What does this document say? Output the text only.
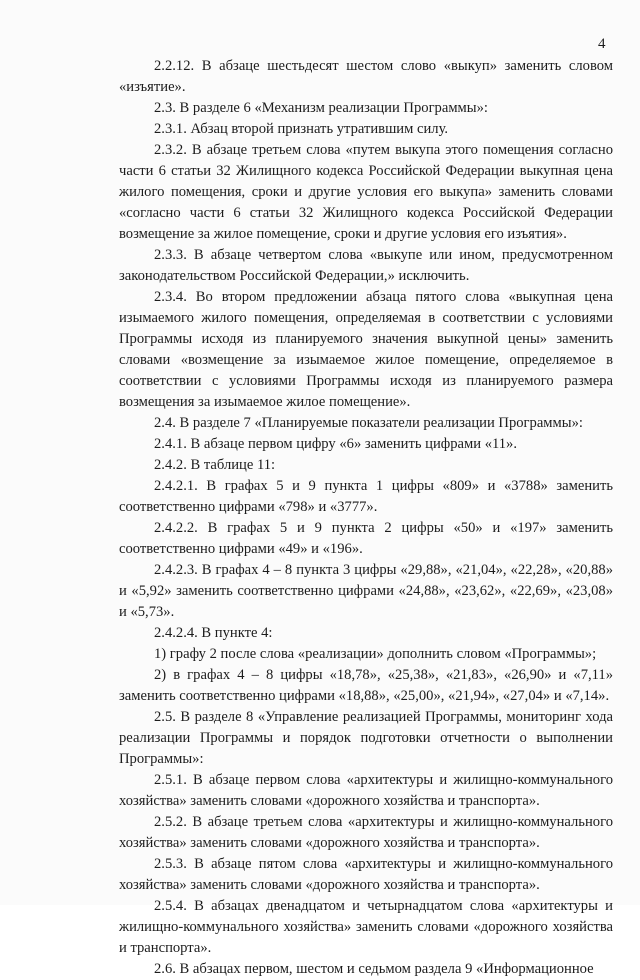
4

2.2.12. В абзаце шестьдесят шестом слово «выкуп» заменить словом «изъятие».

2.3. В разделе 6 «Механизм реализации Программы»:

2.3.1. Абзац второй признать утратившим силу.

2.3.2. В абзаце третьем слова «путем выкупа этого помещения согласно части 6 статьи 32 Жилищного кодекса Российской Федерации выкупная цена жилого помещения, сроки и другие условия его выкупа» заменить словами «согласно части 6 статьи 32 Жилищного кодекса Российской Федерации возмещение за жилое помещение, сроки и другие условия его изъятия».

2.3.3. В абзаце четвертом слова «выкупе или ином, предусмотренном законодательством Российской Федерации,» исключить.

2.3.4. Во втором предложении абзаца пятого слова «выкупная цена изымаемого жилого помещения, определяемая в соответствии с условиями Программы исходя из планируемого значения выкупной цены» заменить словами «возмещение за изымаемое жилое помещение, определяемое в соответствии с условиями Программы исходя из планируемого размера возмещения за изымаемое жилое помещение».

2.4. В разделе 7 «Планируемые показатели реализации Программы»:

2.4.1. В абзаце первом цифру «6» заменить цифрами «11».

2.4.2. В таблице 11:

2.4.2.1. В графах 5 и 9 пункта 1 цифры «809» и «3788» заменить соответственно цифрами «798» и «3777».

2.4.2.2. В графах 5 и 9 пункта 2 цифры «50» и «197» заменить соответственно цифрами «49» и «196».

2.4.2.3. В графах 4 – 8 пункта 3 цифры «29,88», «21,04», «22,28», «20,88» и «5,92» заменить соответственно цифрами «24,88», «23,62», «22,69», «23,08» и «5,73».

2.4.2.4. В пункте 4:

1) графу 2 после слова «реализации» дополнить словом «Программы»;

2) в графах 4 – 8 цифры «18,78», «25,38», «21,83», «26,90» и «7,11» заменить соответственно цифрами «18,88», «25,00», «21,94», «27,04» и «7,14».

2.5. В разделе 8 «Управление реализацией Программы, мониторинг хода реализации Программы и порядок подготовки отчетности о выполнении Программы»:

2.5.1. В абзаце первом слова «архитектуры и жилищно-коммунального хозяйства» заменить словами «дорожного хозяйства и транспорта».

2.5.2. В абзаце третьем слова «архитектуры и жилищно-коммунального хозяйства» заменить словами «дорожного хозяйства и транспорта».

2.5.3. В абзаце пятом слова «архитектуры и жилищно-коммунального хозяйства» заменить словами «дорожного хозяйства и транспорта».

2.5.4. В абзацах двенадцатом и четырнадцатом слова «архитектуры и жилищно-коммунального хозяйства» заменить словами «дорожного хозяйства и транспорта».

2.6. В абзацах первом, шестом и седьмом раздела 9 «Информационное
